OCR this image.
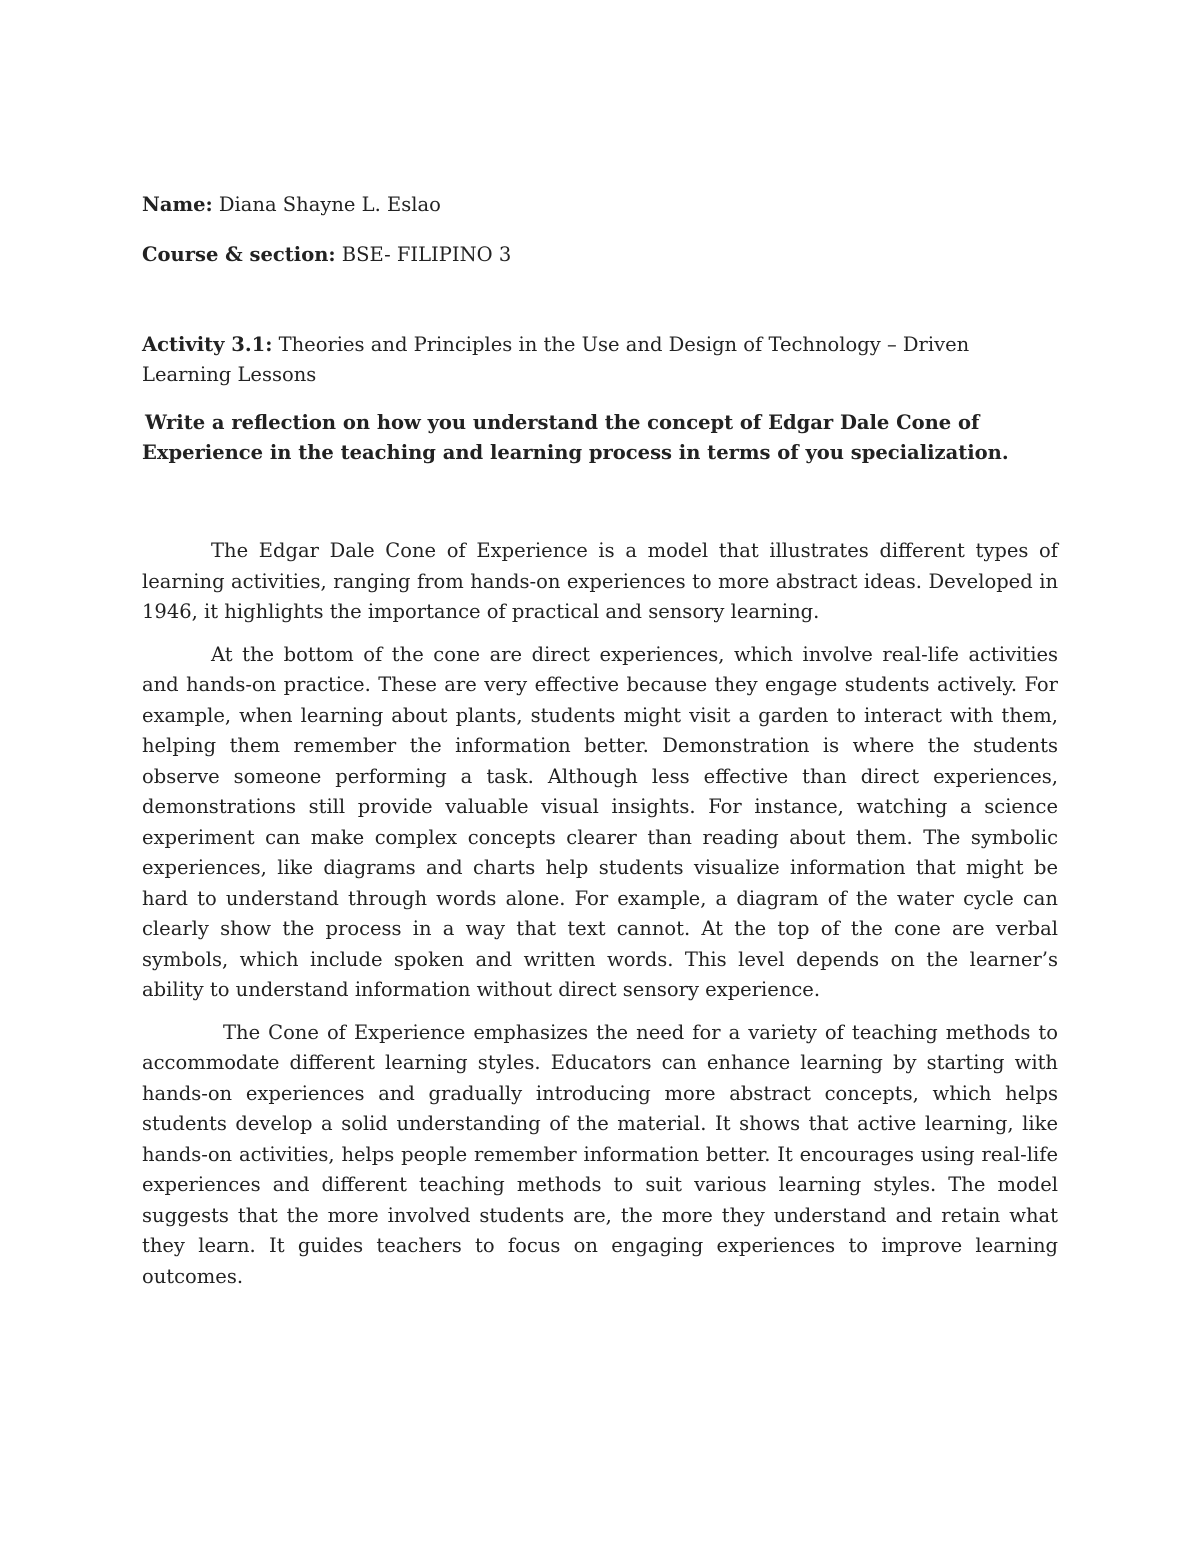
Name: Diana Shayne L. Eslao

Course & section: BSE- FILIPINO 3

Activity 3.1: Theories and Principles in the Use and Design of Technology – Driven Learning Lessons

Write a reflection on how you understand the concept of Edgar Dale Cone of Experience in the teaching and learning process in terms of you specialization.

The Edgar Dale Cone of Experience is a model that illustrates different types of learning activities, ranging from hands-on experiences to more abstract ideas. Developed in 1946, it highlights the importance of practical and sensory learning.

At the bottom of the cone are direct experiences, which involve real-life activities and hands-on practice. These are very effective because they engage students actively. For example, when learning about plants, students might visit a garden to interact with them, helping them remember the information better. Demonstration is where the students observe someone performing a task. Although less effective than direct experiences, demonstrations still provide valuable visual insights. For instance, watching a science experiment can make complex concepts clearer than reading about them. The symbolic experiences, like diagrams and charts help students visualize information that might be hard to understand through words alone. For example, a diagram of the water cycle can clearly show the process in a way that text cannot. At the top of the cone are verbal symbols, which include spoken and written words. This level depends on the learner’s ability to understand information without direct sensory experience.

The Cone of Experience emphasizes the need for a variety of teaching methods to accommodate different learning styles. Educators can enhance learning by starting with hands-on experiences and gradually introducing more abstract concepts, which helps students develop a solid understanding of the material. It shows that active learning, like hands-on activities, helps people remember information better. It encourages using real-life experiences and different teaching methods to suit various learning styles. The model suggests that the more involved students are, the more they understand and retain what they learn. It guides teachers to focus on engaging experiences to improve learning outcomes.
